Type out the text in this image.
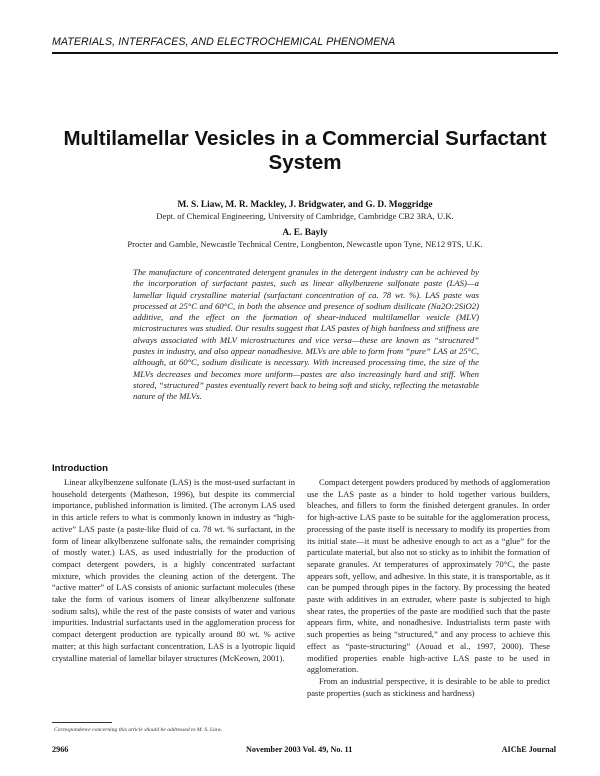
MATERIALS, INTERFACES, AND ELECTROCHEMICAL PHENOMENA
Multilamellar Vesicles in a Commercial Surfactant System
M. S. Liaw, M. R. Mackley, J. Bridgwater, and G. D. Moggridge
Dept. of Chemical Engineering, University of Cambridge, Cambridge CB2 3RA, U.K.
A. E. Bayly
Procter and Gamble, Newcastle Technical Centre, Longbenton, Newcastle upon Tyne, NE12 9TS, U.K.
The manufacture of concentrated detergent granules in the detergent industry can be achieved by the incorporation of surfactant pastes, such as linear alkylbenzene sulfonate paste (LAS)—a lamellar liquid crystalline material (surfactant concentration of ca. 78 wt. %). LAS paste was processed at 25°C and 60°C, in both the absence and presence of sodium disilicate (Na2O:2SiO2) additive, and the effect on the formation of shear-induced multilamellar vesicle (MLV) microstructures was studied. Our results suggest that LAS pastes of high hardness and stiffness are always associated with MLV microstructures and vice versa—these are known as “structured” pastes in industry, and also appear nonadhesive. MLVs are able to form from “pure” LAS at 25°C, although, at 60°C, sodium disilicate is necessary. With increased processing time, the size of the MLVs decreases and becomes more uniform—pastes are also increasingly hard and stiff. When stored, “structured” pastes eventually revert back to being soft and sticky, reflecting the metastable nature of the MLVs.
Introduction

Linear alkylbenzene sulfonate (LAS) is the most-used surfactant in household detergents (Matheson, 1996), but despite its commercial importance, published information is limited. (The acronym LAS used in this article refers to what is commonly known in industry as “high-active” LAS paste (a paste-like fluid of ca. 78 wt. % surfactant, in the form of linear alkylbenzene sulfonate salts, the remainder comprising of mostly water.) LAS, as used industrially for the production of compact detergent powders, is a highly concentrated surfactant mixture, which provides the cleaning action of the detergent. The “active matter” of LAS consists of anionic surfactant molecules (these take the form of various isomers of linear alkylbenzene sulfonate sodium salts), while the rest of the paste consists of water and various impurities. Industrial surfactants used in the agglomeration process for compact detergent production are typically around 80 wt. % active matter; at this high surfactant concentration, LAS is a lyotropic liquid crystalline material of lamellar bilayer structures (McKeown, 2001).

Compact detergent powders produced by methods of agglomeration use the LAS paste as a binder to hold together various builders, bleaches, and fillers to form the finished detergent granules. In order for high-active LAS paste to be suitable for the agglomeration process, processing of the paste itself is necessary to modify its properties from its initial state—it must be adhesive enough to act as a “glue” for the particulate material, but also not so sticky as to inhibit the formation of separate granules. At temperatures of approximately 70°C, the paste appears soft, yellow, and adhesive. In this state, it is transportable, as it can be pumped through pipes in the factory. By processing the heated paste with additives in an extruder, where paste is subjected to high shear rates, the properties of the paste are modified such that the paste appears firm, white, and nonadhesive. Industrialists term paste with such properties as being “structured,” and any process to achieve this effect as “paste-structuring” (Aouad et al., 1997, 2000). These modified properties enable high-active LAS paste to be used in agglomeration.

From an industrial perspective, it is desirable to be able to predict paste properties (such as stickiness and hardness)

Correspondence concerning this article should be addressed to M. S. Liaw.
2966	November 2003 Vol. 49, No. 11	AIChE Journal
